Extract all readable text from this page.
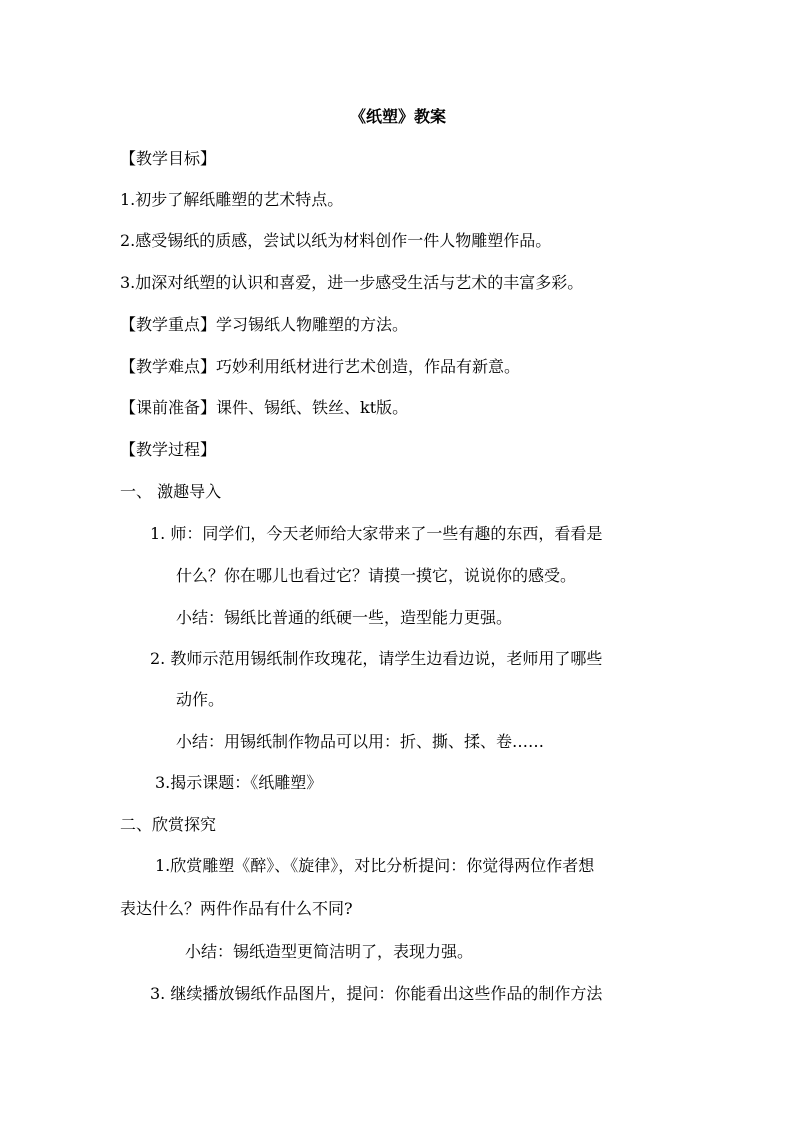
《纸塑》教案
【教学目标】
1.初步了解纸雕塑的艺术特点。
2.感受锡纸的质感，尝试以纸为材料创作一件人物雕塑作品。
3.加深对纸塑的认识和喜爱，进一步感受生活与艺术的丰富多彩。
【教学重点】学习锡纸人物雕塑的方法。
【教学难点】巧妙利用纸材进行艺术创造，作品有新意。
【课前准备】课件、锡纸、铁丝、kt版。
【教学过程】
一、 激趣导入
1. 师：同学们，今天老师给大家带来了一些有趣的东西，看看是
什么？你在哪儿也看过它？请摸一摸它，说说你的感受。
小结：锡纸比普通的纸硬一些，造型能力更强。
2. 教师示范用锡纸制作玫瑰花，请学生边看边说，老师用了哪些
动作。
小结：用锡纸制作物品可以用：折、撕、揉、卷……
3.揭示课题：《纸雕塑》
二、欣赏探究
1.欣赏雕塑《醉》、《旋律》，对比分析提问：你觉得两位作者想
表达什么？两件作品有什么不同?
小结：锡纸造型更简洁明了，表现力强。
3. 继续播放锡纸作品图片，提问：你能看出这些作品的制作方法
